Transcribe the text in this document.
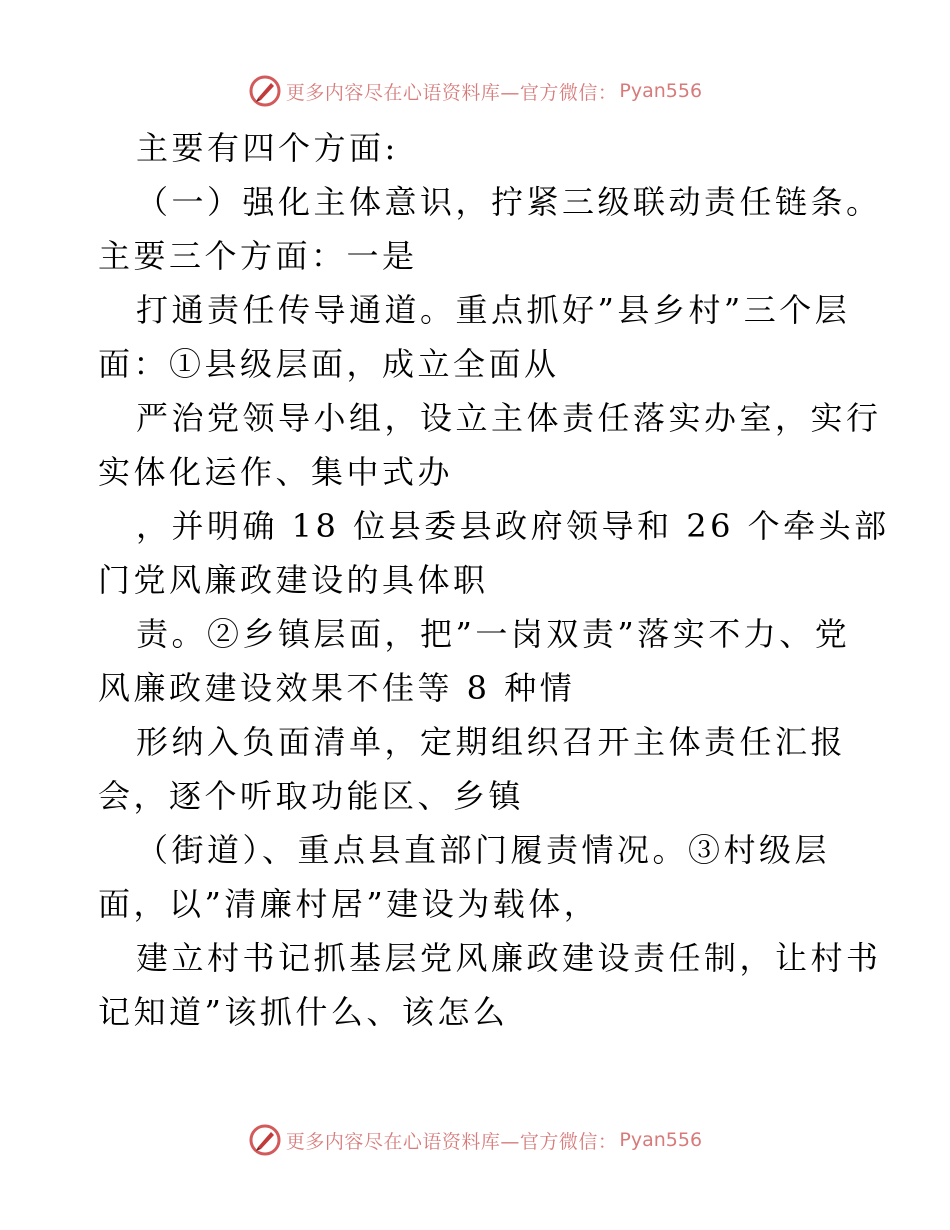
更多内容尽在心语资料库—官方微信： Pyan556
主要有四个方面:
（一）强化主体意识，拧紧三级联动责任链条。
主要三个方面：一是
打通责任传导通道。重点抓好”县乡村”三个层
面：①县级层面，成立全面从
严治党领导小组，设立主体责任落实办室，实行
实体化运作、集中式办
，并明确 18 位县委县政府领导和 26 个牵头部
门党风廉政建设的具体职
责。②乡镇层面，把”一岗双责”落实不力、党
风廉政建设效果不佳等 8 种情
形纳入负面清单，定期组织召开主体责任汇报
会，逐个听取功能区、乡镇
（街道）、重点县直部门履责情况。③村级层
面，以”清廉村居”建设为载体，
建立村书记抓基层党风廉政建设责任制，让村书
记知道”该抓什么、该怎么
更多内容尽在心语资料库—官方微信： Pyan556
